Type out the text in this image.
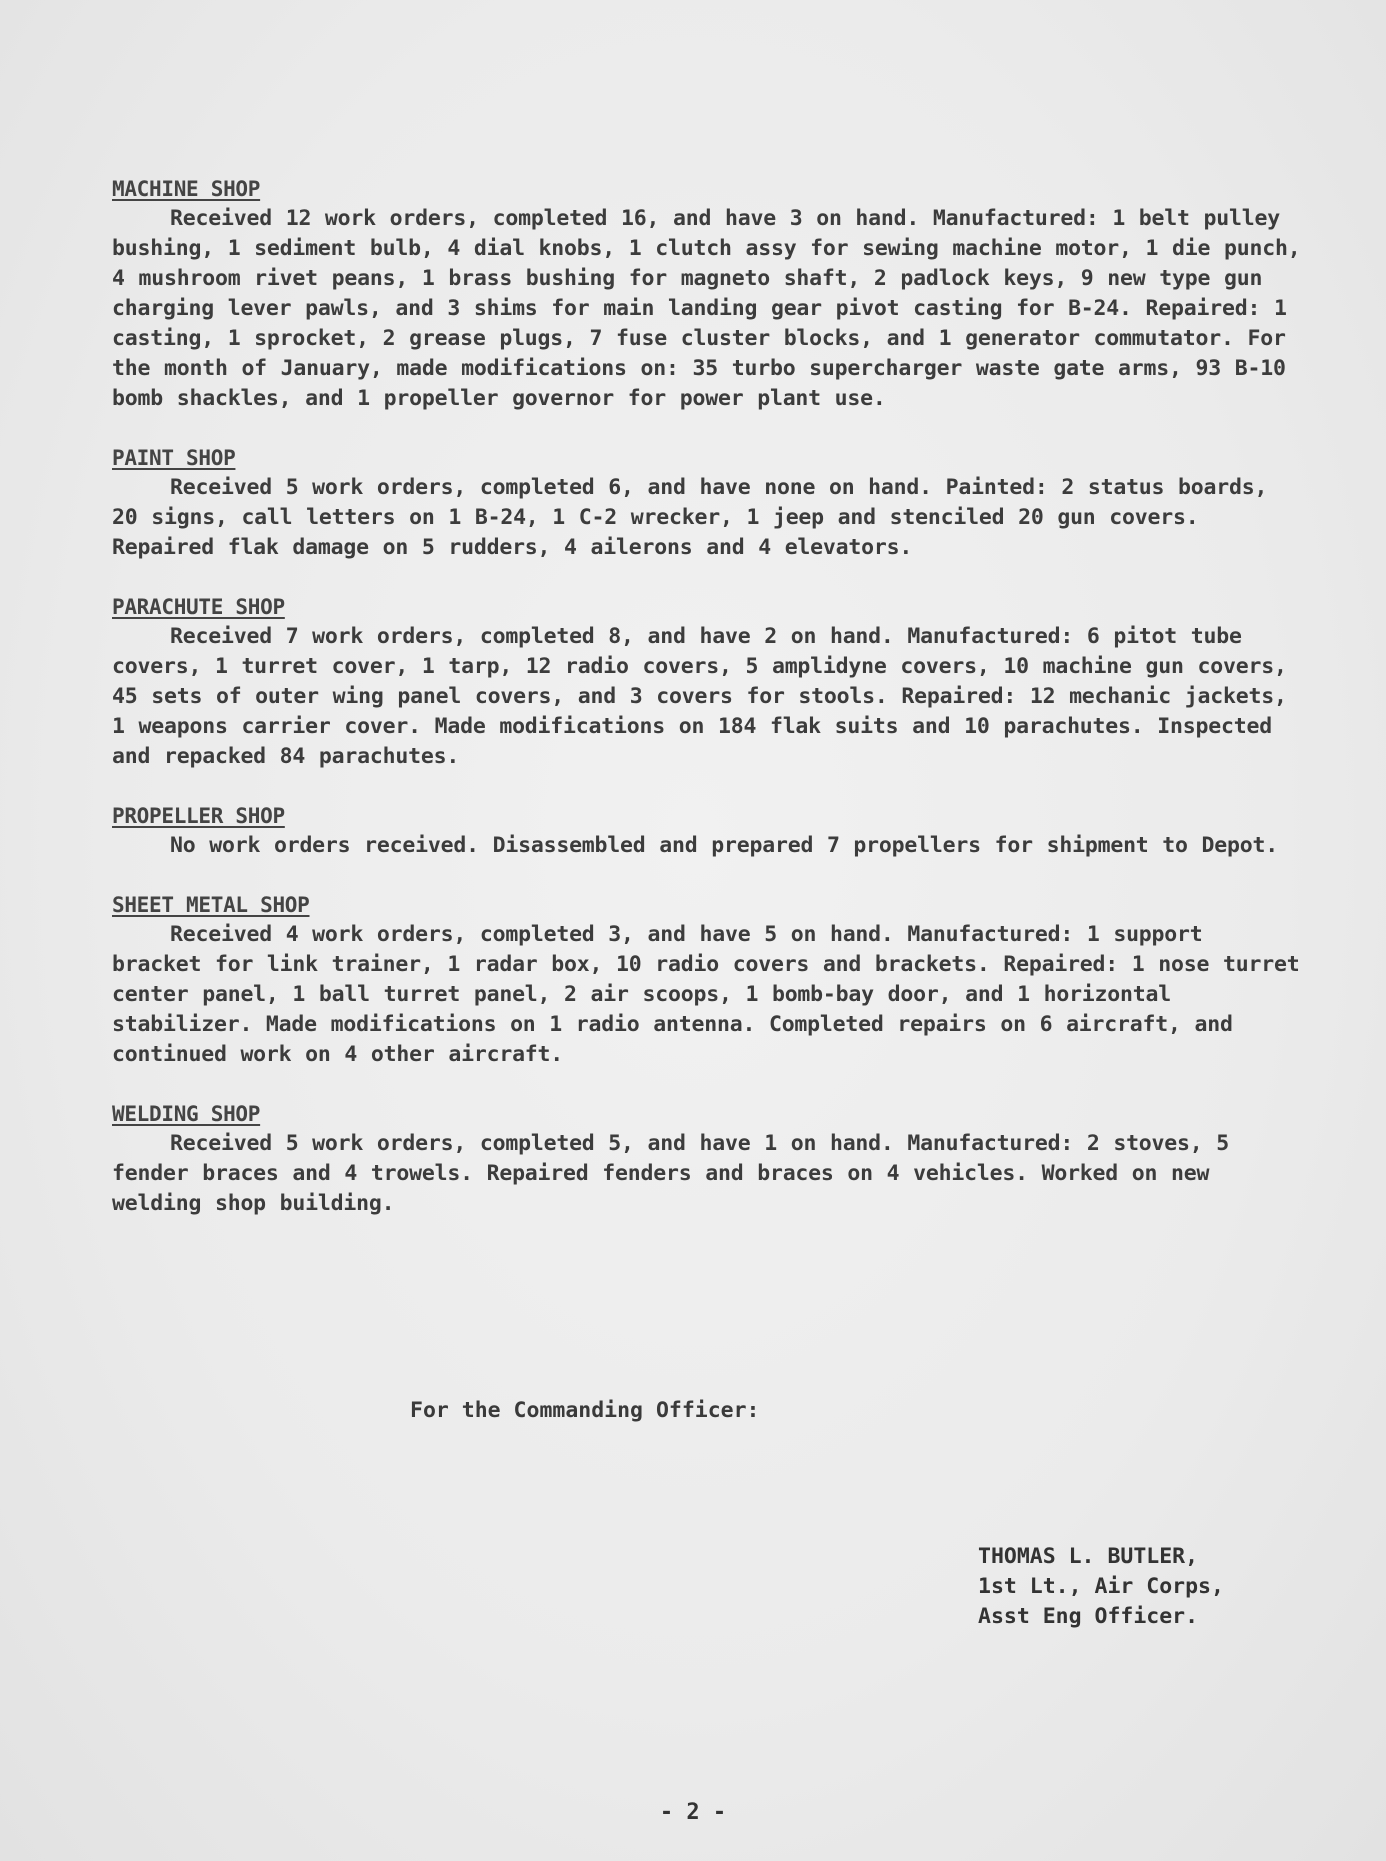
MACHINE SHOP

Received 12 work orders, completed 16, and have 3 on hand. Manufactured: 1 belt pulley bushing, 1 sediment bulb, 4 dial knobs, 1 clutch assy for sewing machine motor, 1 die punch, 4 mushroom rivet peans, 1 brass bushing for magneto shaft, 2 padlock keys, 9 new type gun charging lever pawls, and 3 shims for main landing gear pivot casting for B-24. Repaired: 1 casting, 1 sprocket, 2 grease plugs, 7 fuse cluster blocks, and 1 generator commutator. For the month of January, made modifications on: 35 turbo supercharger waste gate arms, 93 B-10 bomb shackles, and 1 propeller governor for power plant use.

PAINT SHOP

Received 5 work orders, completed 6, and have none on hand. Painted: 2 status boards, 20 signs, call letters on 1 B-24, 1 C-2 wrecker, 1 jeep and stenciled 20 gun covers. Repaired flak damage on 5 rudders, 4 ailerons and 4 elevators.

PARACHUTE SHOP

Received 7 work orders, completed 8, and have 2 on hand. Manufactured: 6 pitot tube covers, 1 turret cover, 1 tarp, 12 radio covers, 5 amplidyne covers, 10 machine gun covers, 45 sets of outer wing panel covers, and 3 covers for stools. Repaired: 12 mechanic jackets, 1 weapons carrier cover. Made modifications on 184 flak suits and 10 parachutes. Inspected and repacked 84 parachutes.

PROPELLER SHOP

No work orders received. Disassembled and prepared 7 propellers for shipment to Depot.

SHEET METAL SHOP

Received 4 work orders, completed 3, and have 5 on hand. Manufactured: 1 support bracket for link trainer, 1 radar box, 10 radio covers and brackets. Repaired: 1 nose turret center panel, 1 ball turret panel, 2 air scoops, 1 bomb-bay door, and 1 horizontal stabilizer. Made modifications on 1 radio antenna. Completed repairs on 6 aircraft, and continued work on 4 other aircraft.

WELDING SHOP

Received 5 work orders, completed 5, and have 1 on hand. Manufactured: 2 stoves, 5 fender braces and 4 trowels. Repaired fenders and braces on 4 vehicles. Worked on new welding shop building.

For the Commanding Officer:
THOMAS L. BUTLER,
1st Lt., Air Corps,
Asst Eng Officer.
- 2 -
